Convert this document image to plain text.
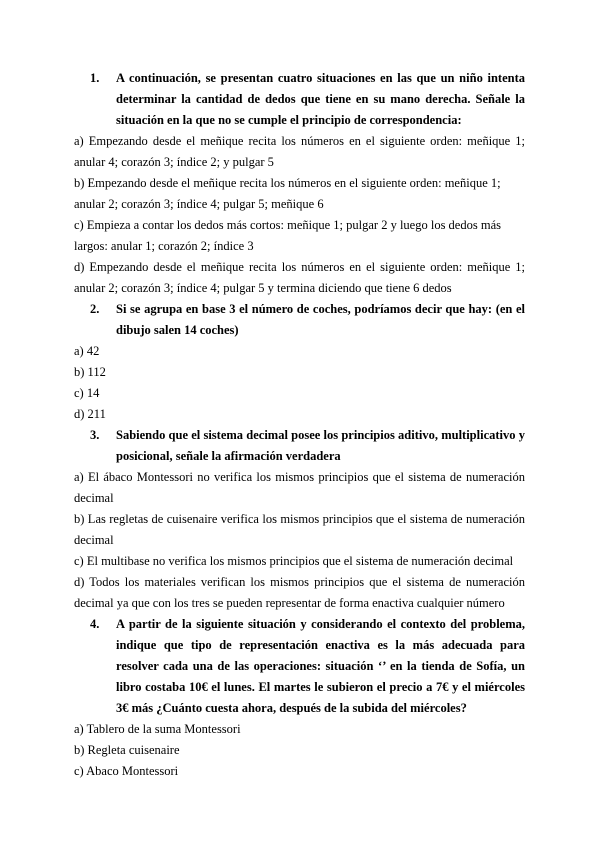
1. A continuación, se presentan cuatro situaciones en las que un niño intenta determinar la cantidad de dedos que tiene en su mano derecha. Señale la situación en la que no se cumple el principio de correspondencia:
a) Empezando desde el meñique recita los números en el siguiente orden: meñique 1; anular 4; corazón 3; índice 2; y pulgar 5
b) Empezando desde el meñique recita los números en el siguiente orden: meñique 1; anular 2; corazón 3; índice 4; pulgar 5; meñique 6
c) Empieza a contar los dedos más cortos: meñique 1; pulgar 2 y luego los dedos más largos: anular 1; corazón 2; índice 3
d) Empezando desde el meñique recita los números en el siguiente orden: meñique 1; anular 2; corazón 3; índice 4; pulgar 5 y termina diciendo que tiene 6 dedos
2. Si se agrupa en base 3 el número de coches, podríamos decir que hay: (en el dibujo salen 14 coches)
a) 42
b) 112
c) 14
d) 211
3. Sabiendo que el sistema decimal posee los principios aditivo, multiplicativo y posicional, señale la afirmación verdadera
a) El ábaco Montessori no verifica los mismos principios que el sistema de numeración decimal
b) Las regletas de cuisenaire verifica los mismos principios que el sistema de numeración decimal
c) El multibase no verifica los mismos principios que el sistema de numeración decimal
d) Todos los materiales verifican los mismos principios que el sistema de numeración decimal ya que con los tres se pueden representar de forma enactiva cualquier número
4. A partir de la siguiente situación y considerando el contexto del problema, indique que tipo de representación enactiva es la más adecuada para resolver cada una de las operaciones: situación ‘’ en la tienda de Sofía, un libro costaba 10€ el lunes. El martes le subieron el precio a 7€ y el miércoles 3€ más ¿Cuánto cuesta ahora, después de la subida del miércoles?
a) Tablero de la suma Montessori
b) Regleta cuisenaire
c) Abaco Montessori
